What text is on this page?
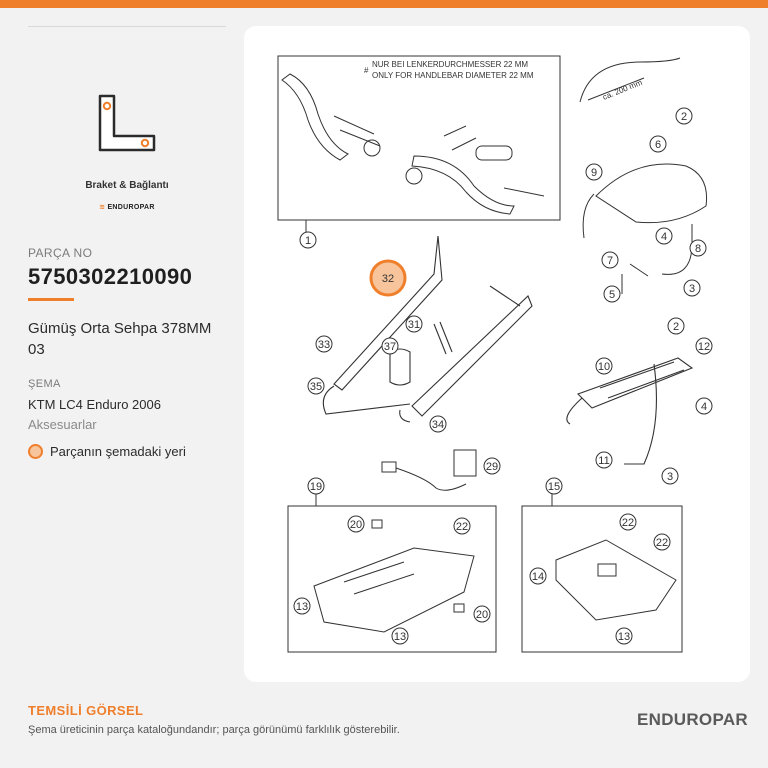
Braket & Bağlantı
≋ ENDUROPAR
PARÇA NO
5750302210090
Gümüş Orta Sehpa 378MM 03
ŞEMA
KTM LC4 Enduro 2006
Aksesuarlar
Parçanın şemadaki yeri
NUR BEI LENKERDURCHMESSER 22 MM
ONLY FOR HANDLEBAR DIAMETER 22 MM
#
ca. 200 mm
32
1
2
6
9
4
8
7
3
5
31
33	37
35
34
2
12
10
4
11
3
29
19	15
20	22
13
20
13
22
22
14
13
TEMSİLİ GÖRSEL
Şema üreticinin parça kataloğundandır; parça görünümü farklılık gösterebilir.
ENDUROPAR
